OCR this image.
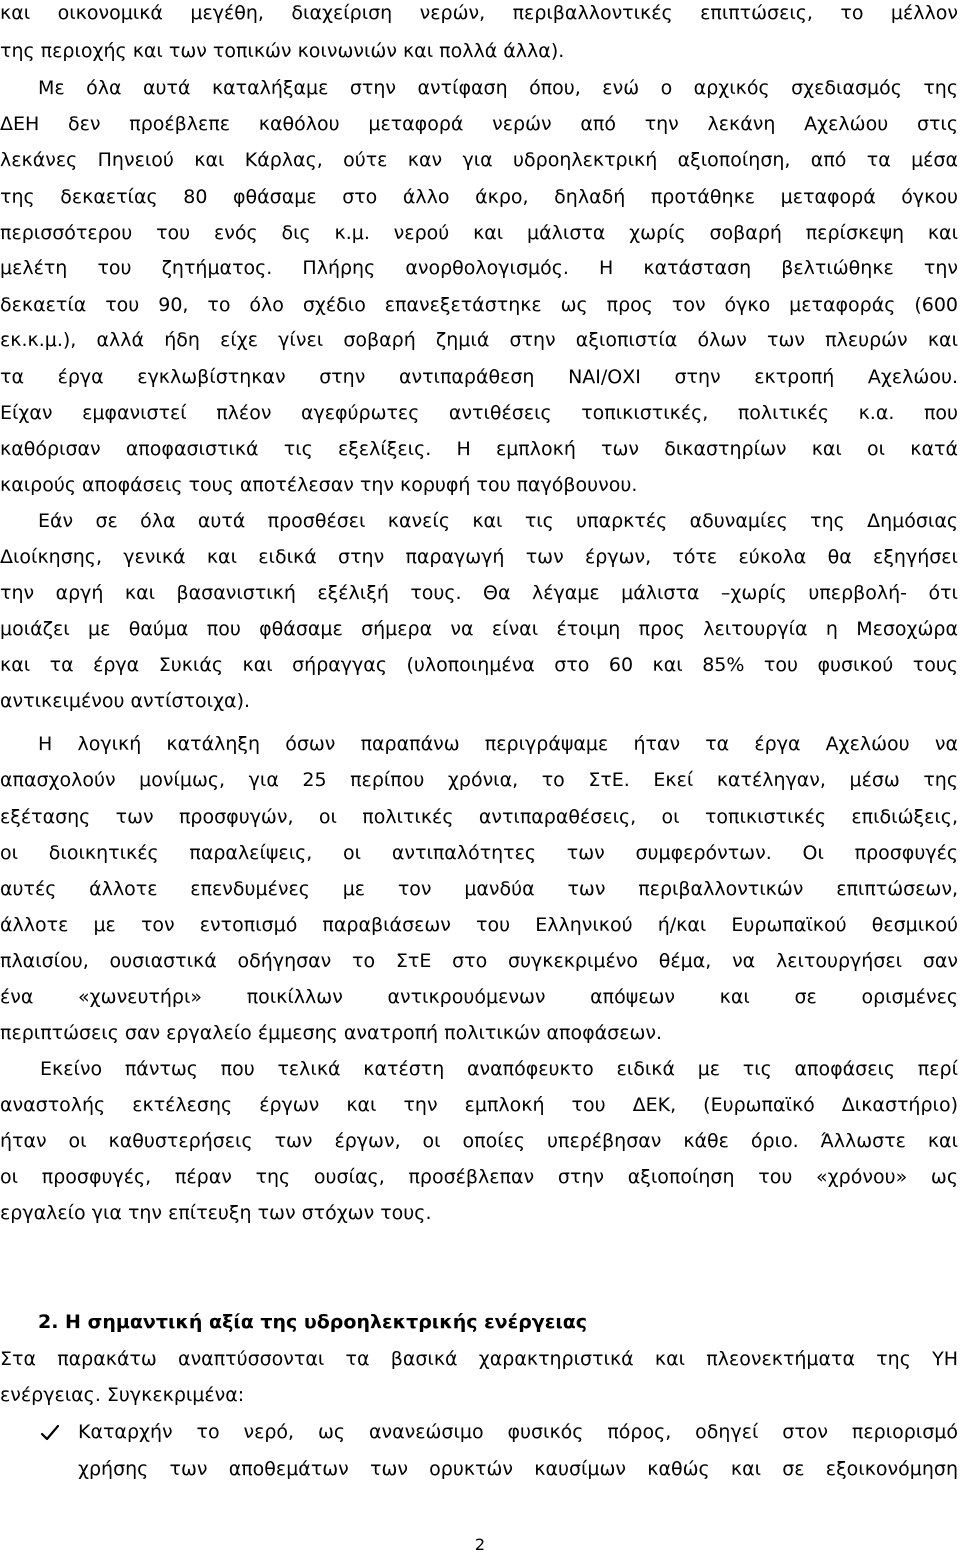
και οικονομικά μεγέθη, διαχείριση νερών, περιβαλλοντικές επιπτώσεις, το μέλλον
της περιοχής και των τοπικών κοινωνιών και πολλά άλλα).
Με όλα αυτά καταλήξαμε στην αντίφαση όπου, ενώ ο αρχικός σχεδιασμός της
ΔΕΗ δεν προέβλεπε καθόλου μεταφορά νερών από την λεκάνη Αχελώου στις
λεκάνες Πηνειού και Κάρλας, ούτε καν για υδροηλεκτρική αξιοποίηση, από τα μέσα
της δεκαετίας 80 φθάσαμε στο άλλο άκρο, δηλαδή προτάθηκε μεταφορά όγκου
περισσότερου του ενός δις κ.μ. νερού και μάλιστα χωρίς σοβαρή περίσκεψη και
μελέτη του ζητήματος. Πλήρης ανορθολογισμός. Η κατάσταση βελτιώθηκε την
δεκαετία του 90, το όλο σχέδιο επανεξετάστηκε ως προς τον όγκο μεταφοράς (600
εκ.κ.μ.), αλλά ήδη είχε γίνει σοβαρή ζημιά στην αξιοπιστία όλων των πλευρών και
τα έργα εγκλωβίστηκαν στην αντιπαράθεση ΝΑΙ/ΟΧΙ στην εκτροπή Αχελώου.
Είχαν εμφανιστεί πλέον αγεφύρωτες αντιθέσεις τοπικιστικές, πολιτικές κ.α. που
καθόρισαν αποφασιστικά τις εξελίξεις. Η εμπλοκή των δικαστηρίων και οι κατά
καιρούς αποφάσεις τους αποτέλεσαν την κορυφή του παγόβουνου.
Εάν σε όλα αυτά προσθέσει κανείς και τις υπαρκτές αδυναμίες της Δημόσιας
Διοίκησης, γενικά και ειδικά στην παραγωγή των έργων, τότε εύκολα θα εξηγήσει
την αργή και βασανιστική εξέλιξή τους. Θα λέγαμε μάλιστα –χωρίς υπερβολή- ότι
μοιάζει με θαύμα που φθάσαμε σήμερα να είναι έτοιμη προς λειτουργία η Μεσοχώρα
και τα έργα Συκιάς και σήραγγας (υλοποιημένα στο 60 και 85% του φυσικού τους
αντικειμένου αντίστοιχα).
Η λογική κατάληξη όσων παραπάνω περιγράψαμε ήταν τα έργα Αχελώου να
απασχολούν μονίμως, για 25 περίπου χρόνια, το ΣτΕ. Εκεί κατέληγαν, μέσω της
εξέτασης των προσφυγών, οι πολιτικές αντιπαραθέσεις, οι τοπικιστικές επιδιώξεις,
οι διοικητικές παραλείψεις, οι αντιπαλότητες των συμφερόντων. Οι προσφυγές
αυτές άλλοτε επενδυμένες με τον μανδύα των περιβαλλοντικών επιπτώσεων,
άλλοτε με τον εντοπισμό παραβιάσεων του Ελληνικού ή/και Ευρωπαϊκού θεσμικού
πλαισίου, ουσιαστικά οδήγησαν το ΣτΕ στο συγκεκριμένο θέμα, να λειτουργήσει σαν
ένα «χωνευτήρι» ποικίλλων αντικρουόμενων απόψεων και σε ορισμένες
περιπτώσεις σαν εργαλείο έμμεσης ανατροπή πολιτικών αποφάσεων.
Εκείνο πάντως που τελικά κατέστη αναπόφευκτο ειδικά με τις αποφάσεις περί
αναστολής εκτέλεσης έργων και την εμπλοκή του ΔΕΚ, (Ευρωπαϊκό Δικαστήριο)
ήταν οι καθυστερήσεις των έργων, οι οποίες υπερέβησαν κάθε όριο. Άλλωστε και
οι προσφυγές, πέραν της ουσίας, προσέβλεπαν στην αξιοποίηση του «χρόνου» ως
εργαλείο για την επίτευξη των στόχων τους.
2. Η σημαντική αξία της υδροηλεκτρικής ενέργειας
Στα παρακάτω αναπτύσσονται τα βασικά χαρακτηριστικά και πλεονεκτήματα της ΥΗ
ενέργειας. Συγκεκριμένα:
Καταρχήν το νερό, ως ανανεώσιμο φυσικός πόρος, οδηγεί στον περιορισμό
χρήσης των αποθεμάτων των ορυκτών καυσίμων καθώς και σε εξοικονόμηση
2
